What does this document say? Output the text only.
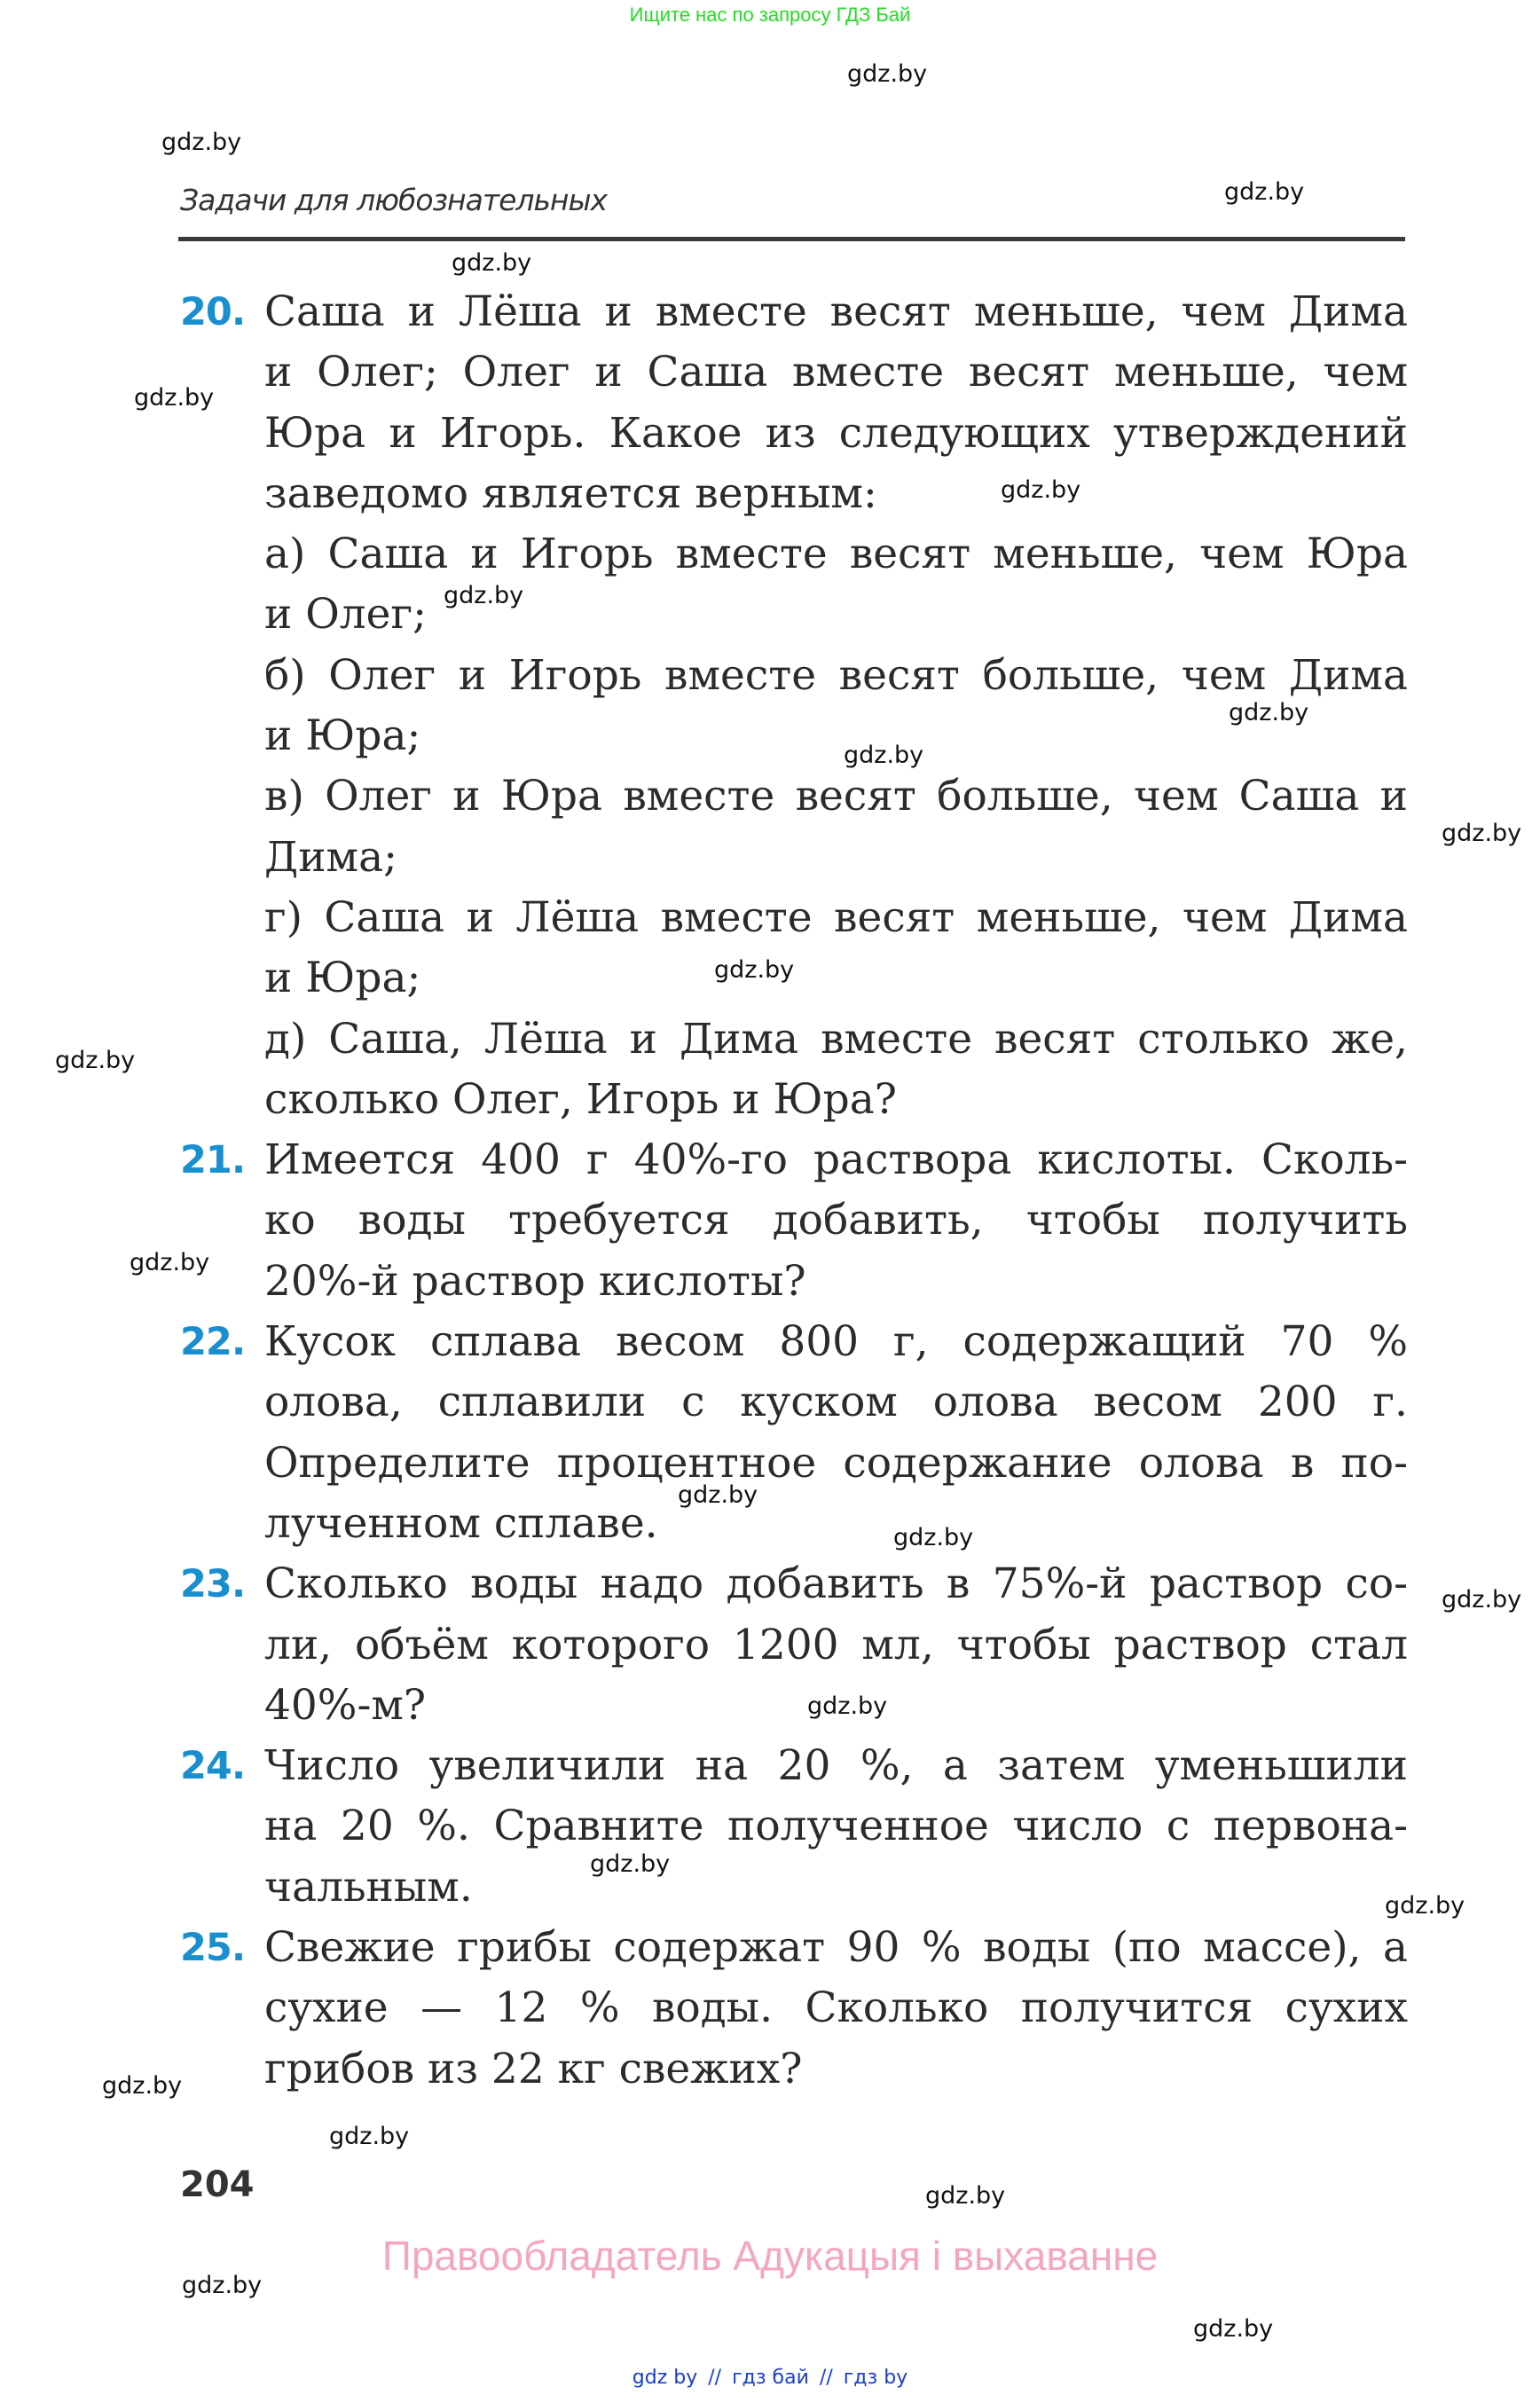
Ищите нас по запросу ГДЗ Бай
Задачи для любознательных
20. Саша и Лёша и вместе весят меньше, чем Дима
и Олег; Олег и Саша вместе весят меньше, чем
Юра и Игорь. Какое из следующих утверждений
заведомо является верным:
а) Саша и Игорь вместе весят меньше, чем Юра
и Олег;
б) Олег и Игорь вместе весят больше, чем Дима
и Юра;
в) Олег и Юра вместе весят больше, чем Саша и
Дима;
г) Саша и Лёша вместе весят меньше, чем Дима
и Юра;
д) Саша, Лёша и Дима вместе весят столько же,
сколько Олег, Игорь и Юра?
21. Имеется 400 г 40%-го раствора кислоты. Сколь-
ко воды требуется добавить, чтобы получить
20%-й раствор кислоты?
22. Кусок сплава весом 800 г, содержащий 70 %
олова, сплавили с куском олова весом 200 г.
Определите процентное содержание олова в по-
лученном сплаве.
23. Сколько воды надо добавить в 75%-й раствор со-
ли, объём которого 1200 мл, чтобы раствор стал
40%-м?
24. Число увеличили на 20 %, а затем уменьшили
на 20 %. Сравните полученное число с первона-
чальным.
25. Свежие грибы содержат 90 % воды (по массе), а
сухие — 12 % воды. Сколько получится сухих
грибов из 22 кг свежих?
204
Правообладатель Адукацыя і выхаванне
gdz by // гдз бай // гдз by
gdz.by
gdz.by
gdz.by
gdz.by
gdz.by
gdz.by
gdz.by
gdz.by
gdz.by
gdz.by
gdz.by
gdz.by
gdz.by
gdz.by
gdz.by
gdz.by
gdz.by
gdz.by
gdz.by
gdz.by
gdz.by
gdz.by
gdz.by
gdz.by
